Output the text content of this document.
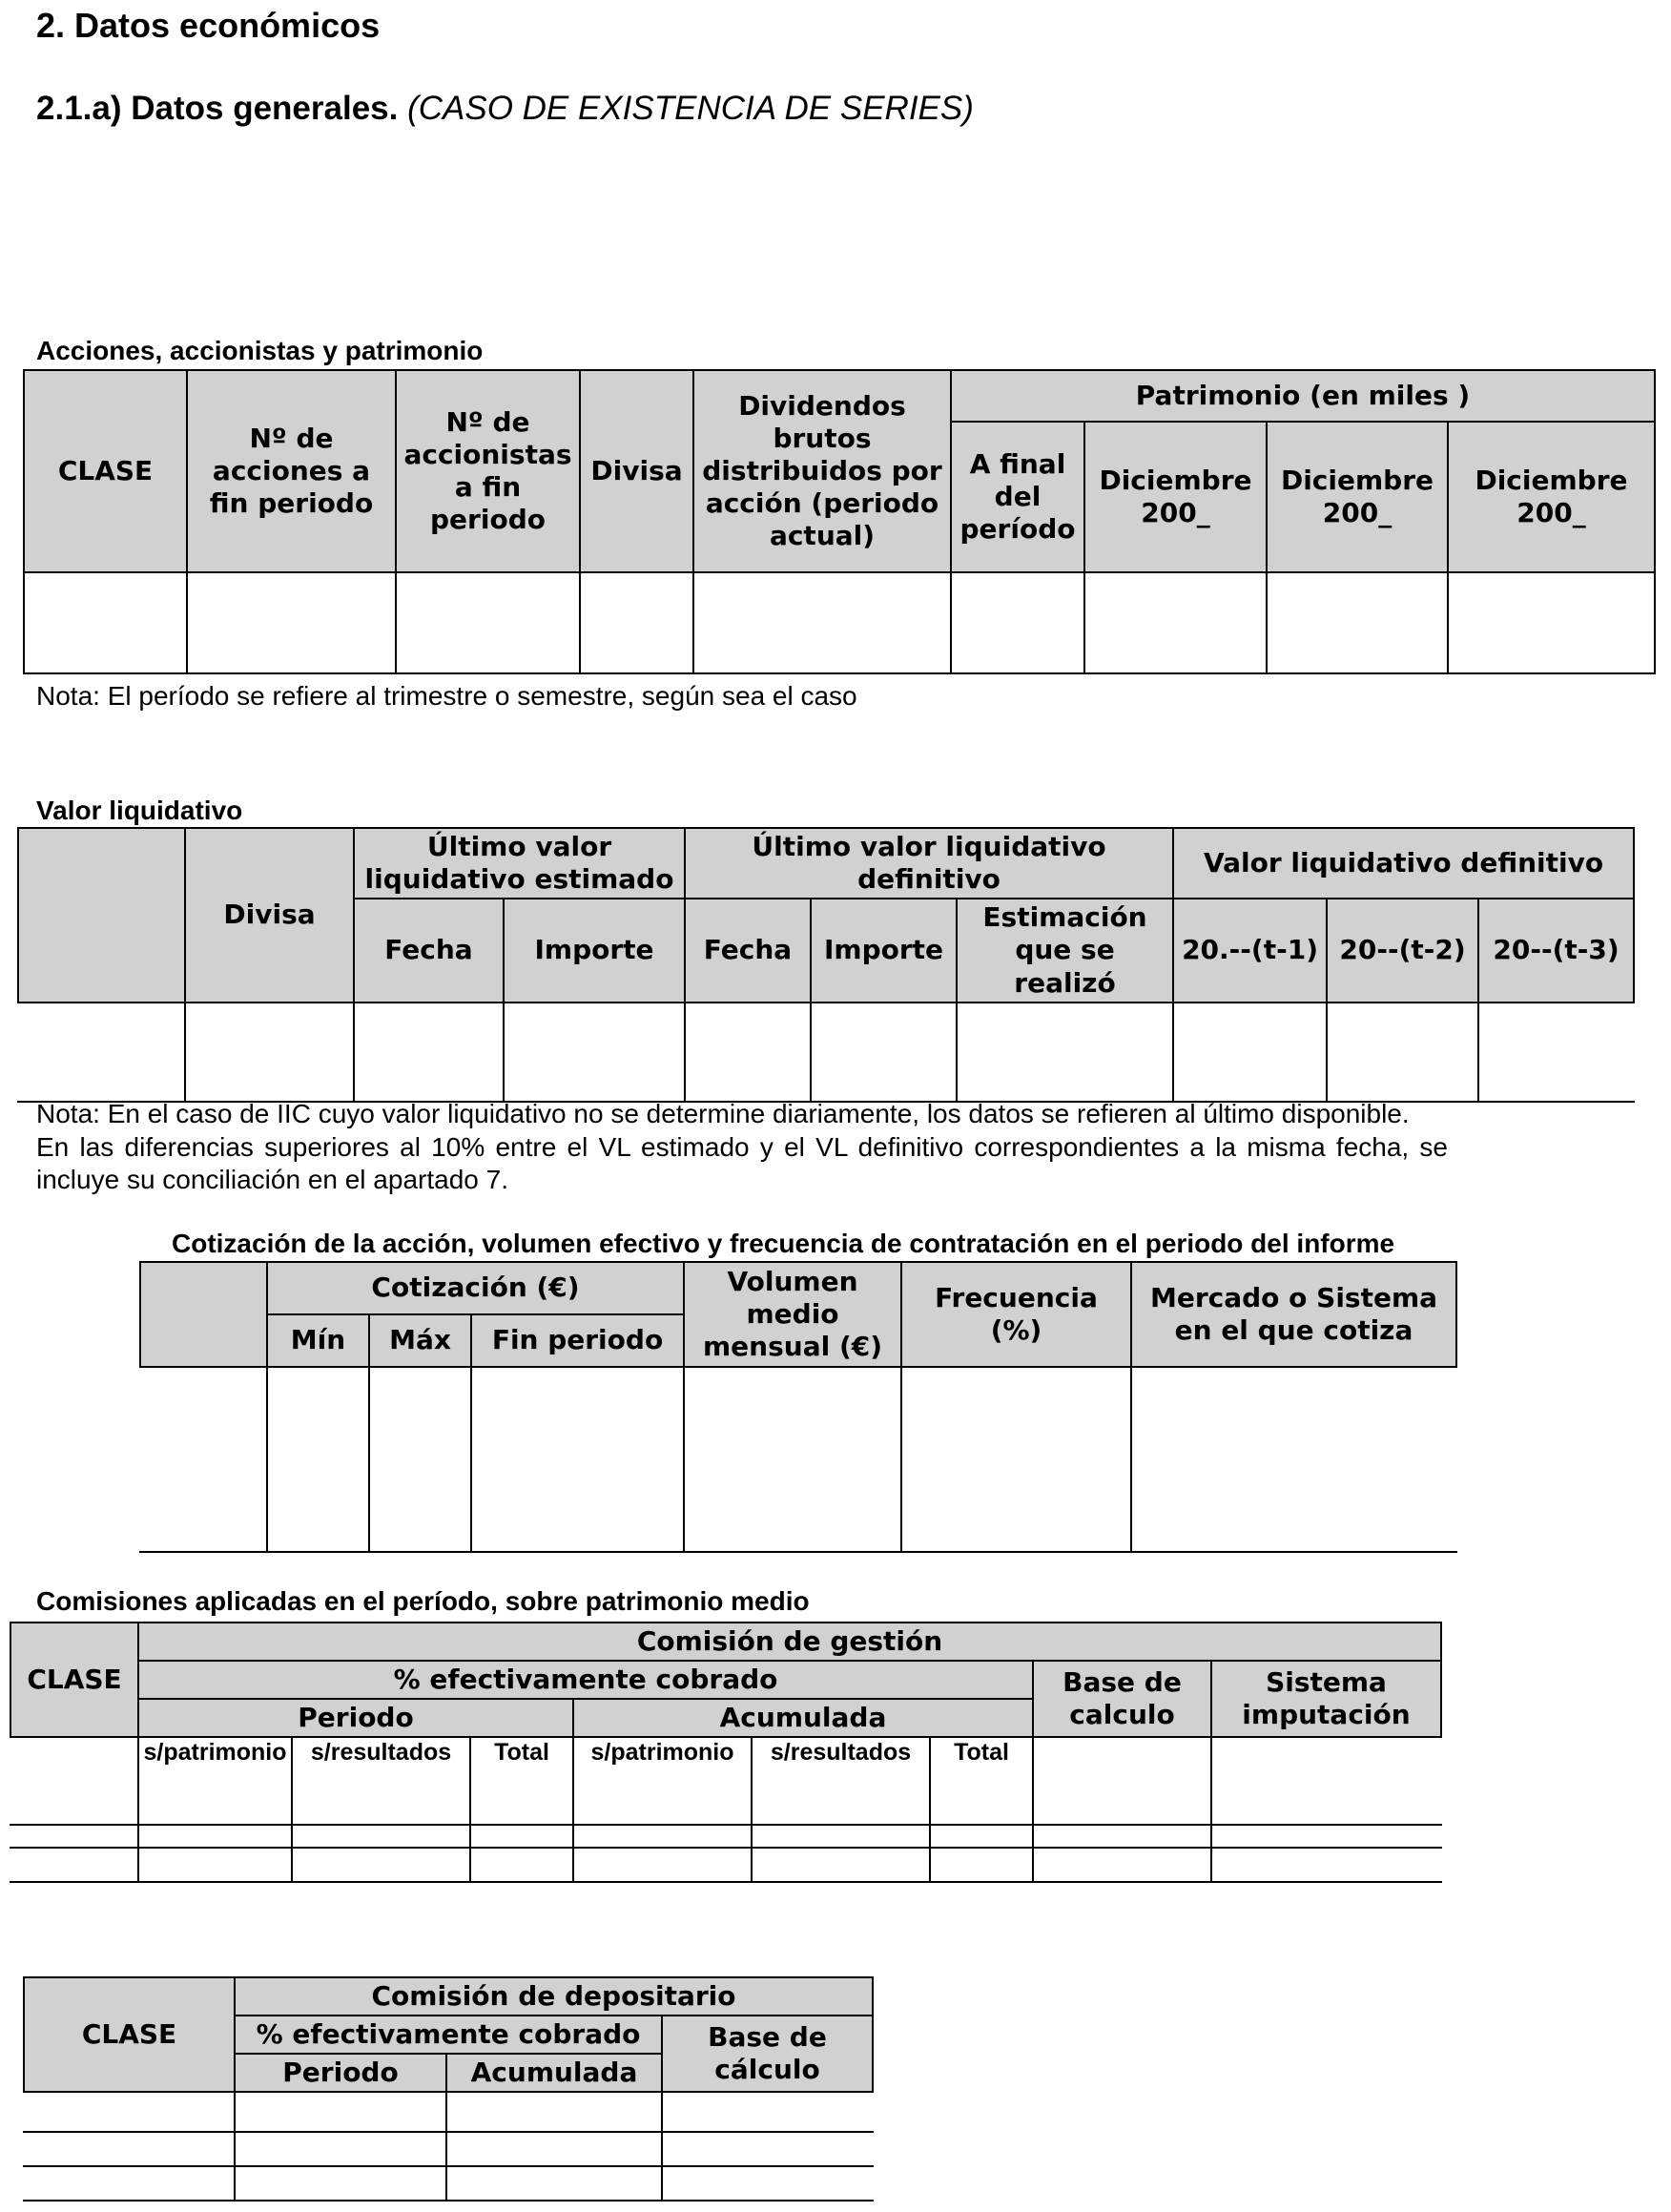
2. Datos económicos
2.1.a) Datos generales. (CASO DE EXISTENCIA DE SERIES)
Acciones, accionistas y patrimonio
CLASE	Nº de acciones a fin periodo	Nº de accionistas a fin periodo	Divisa	Dividendos brutos distribuidos por acción (periodo actual)	Patrimonio (en miles )			
					A final del período	Diciembre 200_	Diciembre 200_	Diciembre 200_

Nota: El período se refiere al trimestre o semestre, según sea el caso
Valor liquidativo
	Divisa	Último valor liquidativo estimado		Último valor liquidativo definitivo			Valor liquidativo definitivo		
		Fecha	Importe	Fecha	Importe	Estimación que se realizó	20.--(t-1)	20--(t-2)	20--(t-3)

Nota: En el caso de IIC cuyo valor liquidativo no se determine diariamente, los datos se refieren al último disponible.
En las diferencias superiores al 10% entre el VL estimado y el VL definitivo correspondientes a la misma fecha, se incluye su conciliación en el apartado 7.
Cotización de la acción, volumen efectivo y frecuencia de contratación en el periodo del informe
	Cotización (€)			Volumen medio mensual (€)	Frecuencia (%)	Mercado o Sistema en el que cotiza
	Mín	Máx	Fin periodo			

Comisiones aplicadas en el período, sobre patrimonio medio
CLASE	Comisión de gestión							
	% efectivamente cobrado						Base de calculo	Sistema imputación
	Periodo			Acumulada				
	s/patrimonio	s/resultados	Total	s/patrimonio	s/resultados	Total		

CLASE	Comisión de depositario		
	% efectivamente cobrado		Base de cálculo
	Periodo	Acumulada	
